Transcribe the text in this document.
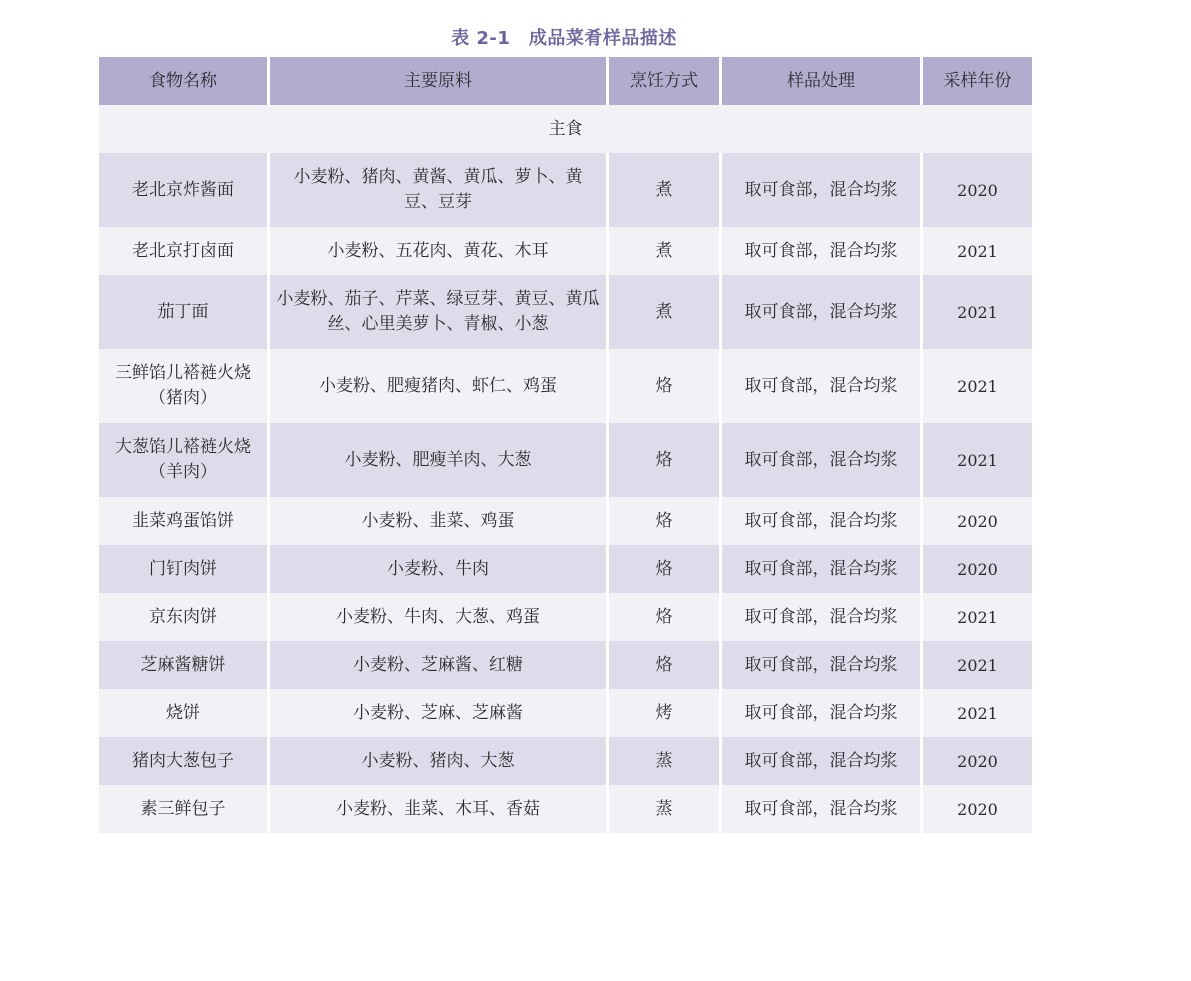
表 2-1　成品菜肴样品描述
食物名称	主要原料	烹饪方式	样品处理	采样年份
主食				
老北京炸酱面	小麦粉、猪肉、黄酱、黄瓜、萝卜、黄豆、豆芽	煮	取可食部，混合均浆	2020
老北京打卤面	小麦粉、五花肉、黄花、木耳	煮	取可食部，混合均浆	2021
茄丁面	小麦粉、茄子、芹菜、绿豆芽、黄豆、黄瓜丝、心里美萝卜、青椒、小葱	煮	取可食部，混合均浆	2021
三鲜馅儿褡裢火烧（猪肉）	小麦粉、肥瘦猪肉、虾仁、鸡蛋	烙	取可食部，混合均浆	2021
大葱馅儿褡裢火烧（羊肉）	小麦粉、肥瘦羊肉、大葱	烙	取可食部，混合均浆	2021
韭菜鸡蛋馅饼	小麦粉、韭菜、鸡蛋	烙	取可食部，混合均浆	2020
门钉肉饼	小麦粉、牛肉	烙	取可食部，混合均浆	2020
京东肉饼	小麦粉、牛肉、大葱、鸡蛋	烙	取可食部，混合均浆	2021
芝麻酱糖饼	小麦粉、芝麻酱、红糖	烙	取可食部，混合均浆	2021
烧饼	小麦粉、芝麻、芝麻酱	烤	取可食部，混合均浆	2021
猪肉大葱包子	小麦粉、猪肉、大葱	蒸	取可食部，混合均浆	2020
素三鲜包子	小麦粉、韭菜、木耳、香菇	蒸	取可食部，混合均浆	2020
